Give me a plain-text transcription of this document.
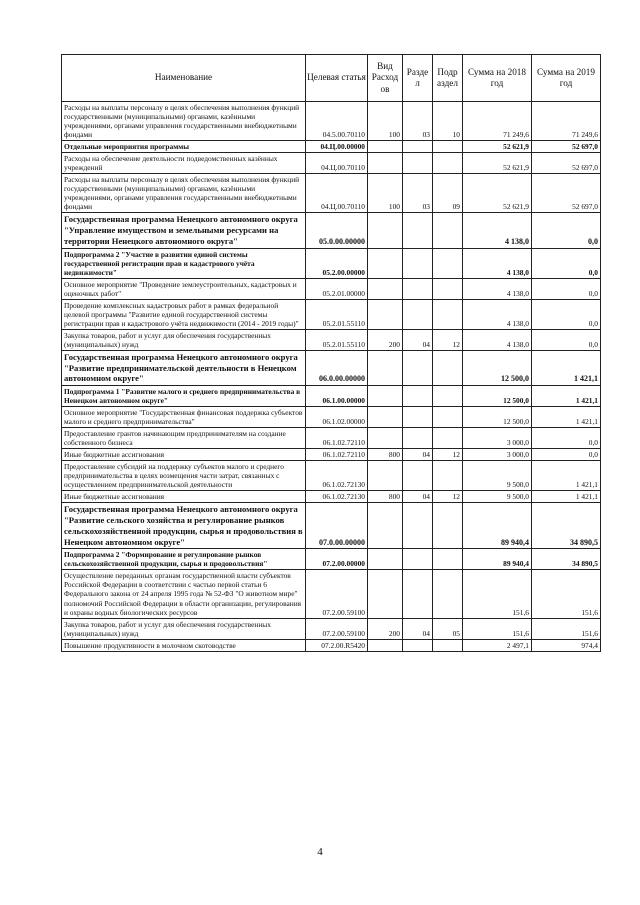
Наименование	Целевая статья	Вид Расход ов	Разде л	Подр аздел	Сумма на 2018 год	Сумма на 2019 год
Расходы на выплаты персоналу в целях обеспечения выполнения функций государственными (муниципальными) органами, казёнными учреждениями, органами управления государственными внебюджетными фондами	04.5.00.70110	100	03	10	71 249,6	71 249,6
Отдельные мероприятия программы	04.Ц.00.00000				52 621,9	52 697,0
Расходы на обеспечение деятельности подведомственных казённых учреждений	04.Ц.00.70110				52 621,9	52 697,0
Расходы на выплаты персоналу в целях обеспечения выполнения функций государственными (муниципальными) органами, казёнными учреждениями, органами управления государственными внебюджетными фондами	04.Ц.00.70110	100	03	09	52 621,9	52 697,0
Государственная программа Ненецкого автономного округа "Управление имуществом и земельными ресурсами на территории Ненецкого автономного округа"	05.0.00.00000				4 138,0	0,0
Подпрограмма 2 "Участие в развитии единой системы государственной регистрации прав и кадастрового учёта недвижимости"	05.2.00.00000				4 138,0	0,0
Основное мероприятие "Проведение землеустроительных, кадастровых и оценочных работ"	05.2.01.00000				4 138,0	0,0
Проведение комплексных кадастровых работ в рамках федеральной целевой программы "Развитие единой государственной системы регистрации прав и кадастрового учёта недвижимости (2014 - 2019 годы)"	05.2.01.55110				4 138,0	0,0
Закупка товаров, работ и услуг для обеспечения государственных (муниципальных) нужд	05.2.01.55110	200	04	12	4 138,0	0,0
Государственная программа Ненецкого автономного округа "Развитие предпринимательской деятельности в Ненецком автономном округе"	06.0.00.00000				12 500,0	1 421,1
Подпрограмма 1 "Развитие малого и среднего предпринимательства в Ненецком автономном округе"	06.1.00.00000				12 500,0	1 421,1
Основное мероприятие "Государственная финансовая поддержка субъектов малого и среднего предпринимательства"	06.1.02.00000				12 500,0	1 421,1
Предоставление грантов начинающим предпринимателям на создание собственного бизнеса	06.1.02.72110				3 000,0	0,0
Иные бюджетные ассигнования	06.1.02.72110	800	04	12	3 000,0	0,0
Предоставление субсидий на поддержку субъектов малого и среднего предпринимательства в целях возмещения части затрат, связанных с осуществлением предпринимательской деятельности	06.1.02.72130				9 500,0	1 421,1
Иные бюджетные ассигнования	06.1.02.72130	800	04	12	9 500,0	1 421,1
Государственная программа Ненецкого автономного округа "Развитие сельского хозяйства и регулирование рынков сельскохозяйственной продукции, сырья и продовольствия в Ненецком автономном округе"	07.0.00.00000				89 940,4	34 890,5
Подпрограмма 2 "Формирование и регулирование рынков сельскохозяйственной продукции, сырья и продовольствия"	07.2.00.00000				89 940,4	34 890,5
Осуществление переданных органам государственной власти субъектов Российской Федерации в соответствии с частью первой статьи 6 Федерального закона от 24 апреля 1995 года № 52-ФЗ "О животном мире" полномочий Российской Федерации в области организации, регулирования и охраны водных биологических ресурсов	07.2.00.59100				151,6	151,6
Закупка товаров, работ и услуг для обеспечения государственных (муниципальных) нужд	07.2.00.59100	200	04	05	151,6	151,6
Повышение продуктивности в молочном скотоводстве	07.2.00.R5420				2 497,1	974,4
4
